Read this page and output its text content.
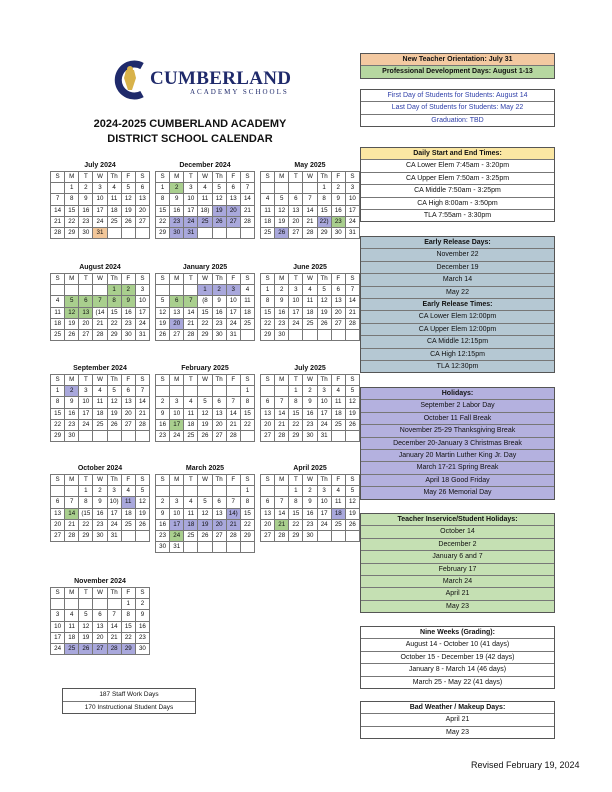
CUMBERLAND
ACADEMY SCHOOLS
2024-2025 CUMBERLAND ACADEMY
DISTRICT SCHOOL CALENDAR
July 2024
S	M	T	W	Th	F	S
	1	2	3	4	5	6
7	8	9	10	11	12	13
14	15	16	17	18	19	20
21	22	23	24	25	26	27
28	29	30	31			
December 2024
S	M	T	W	Th	F	S
1	2	3	4	5	6	7
8	9	10	11	12	13	14
15	16	17	18)	19	20	21
22	23	24	25	26	27	28
29	30	31				
May 2025
S	M	T	W	Th	F	S
				1	2	3
4	5	6	7	8	9	10
11	12	13	14	15	16	17
18	19	20	21	22)	23	24
25	26	27	28	29	30	31
August 2024
S	M	T	W	Th	F	S
				1	2	3
4	5	6	7	8	9	10
11	12	13	(14	15	16	17
18	19	20	21	22	23	24
25	26	27	28	29	30	31
January 2025
S	M	T	W	Th	F	S
			1	2	3	4
5	6	7	(8	9	10	11
12	13	14	15	16	17	18
19	20	21	22	23	24	25
26	27	28	29	30	31	
June 2025
S	M	T	W	Th	F	S
1	2	3	4	5	6	7
8	9	10	11	12	13	14
15	16	17	18	19	20	21
22	23	24	25	26	27	28
29	30					
September 2024
S	M	T	W	Th	F	S
1	2	3	4	5	6	7
8	9	10	11	12	13	14
15	16	17	18	19	20	21
22	23	24	25	26	27	28
29	30					
February 2025
S	M	T	W	Th	F	S
						1
2	3	4	5	6	7	8
9	10	11	12	13	14	15
16	17	18	19	20	21	22
23	24	25	26	27	28	
July 2025
S	M	T	W	Th	F	S
		1	2	3	4	5
6	7	8	9	10	11	12
13	14	15	16	17	18	19
20	21	22	23	24	25	26
27	28	29	30	31		
October 2024
S	M	T	W	Th	F	S
		1	2	3	4	5
6	7	8	9	10)	11	12
13	14	(15	16	17	18	19
20	21	22	23	24	25	26
27	28	29	30	31		
March 2025
S	M	T	W	Th	F	S
						1
2	3	4	5	6	7	8
9	10	11	12	13	14)	15
16	17	18	19	20	21	22
23	24	25	26	27	28	29
30	31					
April 2025
S	M	T	W	Th	F	S
		1	2	3	4	5
6	7	8	9	10	11	12
13	14	15	16	17	18	19
20	21	22	23	24	25	26
27	28	29	30			
November 2024
S	M	T	W	Th	F	S
					1	2
3	4	5	6	7	8	9
10	11	12	13	14	15	16
17	18	19	20	21	22	23
24	25	26	27	28	29	30
New Teacher Orientation: July 31
Professional Development Days: August 1-13
First Day of Students for Students: August 14
Last Day of Students for Students: May 22
Graduation: TBD
Daily Start and End Times:
CA Lower Elem 7:45am - 3:20pm
CA Upper Elem 7:50am - 3:25pm
CA Middle 7:50am - 3:25pm
CA High 8:00am - 3:50pm
TLA 7:55am - 3:30pm
Early Release Days:
November 22
December 19
March 14
May 22
Early Release Times:
CA Lower Elem 12:00pm
CA Upper Elem 12:00pm
CA Middle 12:15pm
CA High 12:15pm
TLA 12:30pm
Holidays:
September 2 Labor Day
October 11 Fall Break
November 25-29 Thanksgiving Break
December 20-January 3 Christmas Break
January 20 Martin Luther King Jr. Day
March 17-21 Spring Break
April 18 Good Friday
May 26 Memorial Day
Teacher Inservice/Student Holidays:
October 14
December 2
January 6 and 7
February 17
March 24
April 21
May 23
Nine Weeks (Grading):
August 14 - October 10 (41 days)
October 15 - December 19 (42 days)
January 8 - March 14 (46 days)
March 25 - May 22 (41 days)
Bad Weather / Makeup Days:
April 21
May 23
187 Staff Work Days
170 Instructional Student Days
Revised February 19, 2024
